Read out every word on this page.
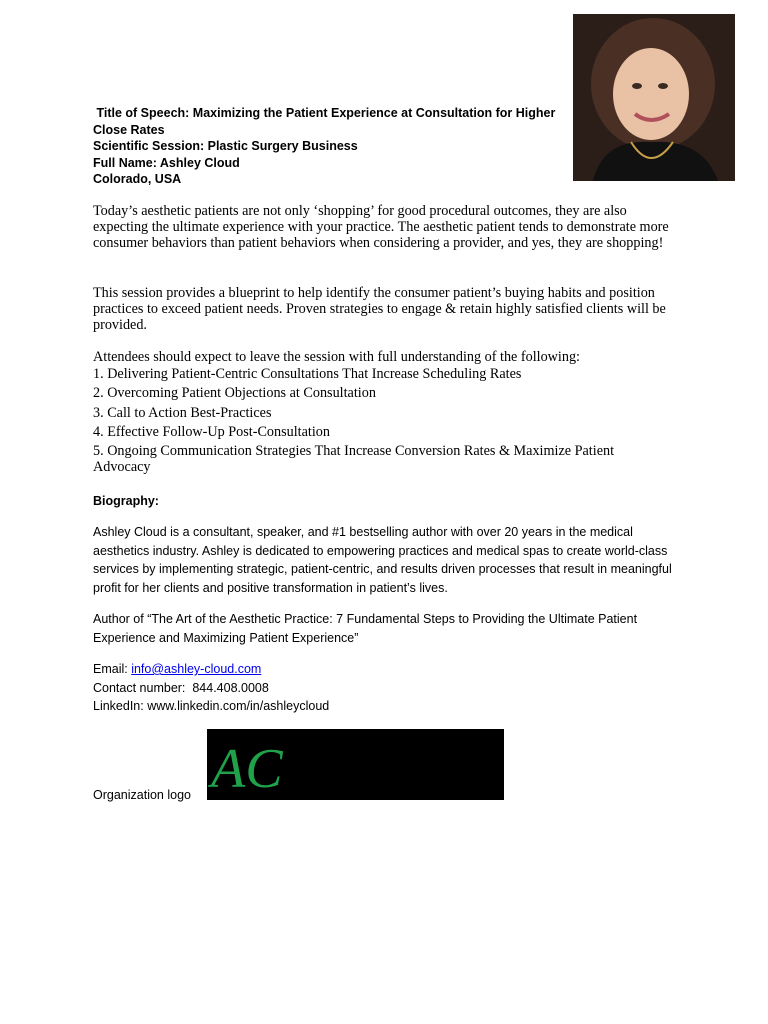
Title of Speech: Maximizing the Patient Experience at Consultation for Higher
Close Rates
Scientific Session: Plastic Surgery Business
Full Name: Ashley Cloud
Colorado, USA
Today’s aesthetic patients are not only ‘shopping’ for good procedural outcomes, they are also expecting the ultimate experience with your practice. The aesthetic patient tends to demonstrate more consumer behaviors than patient behaviors when considering a provider, and yes, they are shopping!
This session provides a blueprint to help identify the consumer patient’s buying habits and position practices to exceed patient needs. Proven strategies to engage & retain highly satisfied clients will be provided.
Attendees should expect to leave the session with full understanding of the following:
1. Delivering Patient-Centric Consultations That Increase Scheduling Rates
2. Overcoming Patient Objections at Consultation
3. Call to Action Best-Practices
4. Effective Follow-Up Post-Consultation
5. Ongoing Communication Strategies That Increase Conversion Rates & Maximize Patient Advocacy
Biography:
Ashley Cloud is a consultant, speaker, and #1 bestselling author with over 20 years in the medical aesthetics industry. Ashley is dedicated to empowering practices and medical spas to create world-class services by implementing strategic, patient-centric, and results driven processes that result in meaningful profit for her clients and positive transformation in patient’s lives.
Author of “The Art of the Aesthetic Practice: 7 Fundamental Steps to Providing the Ultimate Patient Experience and Maximizing Patient Experience”
Email: info@ashley-cloud.com
Contact number:  844.408.0008
LinkedIn: www.linkedin.com/in/ashleycloud
Organization logo AC
